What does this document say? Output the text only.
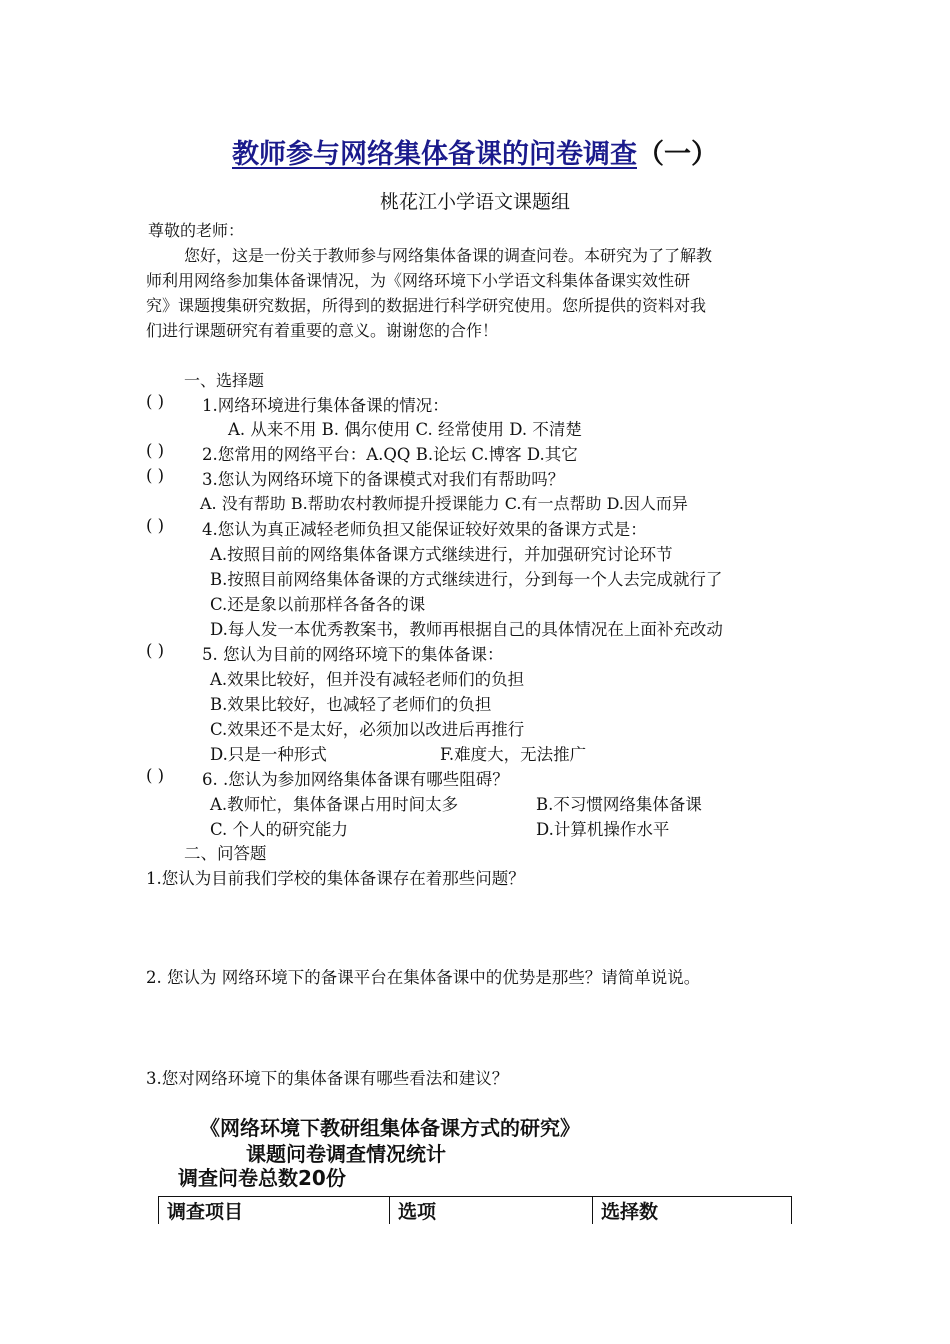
教师参与网络集体备课的问卷调查（一）
桃花江小学语文课题组
尊敬的老师：
您好，这是一份关于教师参与网络集体备课的调查问卷。本研究为了了解教
师利用网络参加集体备课情况，为《网络环境下小学语文科集体备课实效性研
究》课题搜集研究数据，所得到的数据进行科学研究使用。您所提供的资料对我
们进行课题研究有着重要的意义。谢谢您的合作！
一、选择题
( ) 1.网络环境进行集体备课的情况：
A. 从来不用 B. 偶尔使用 C. 经常使用 D. 不清楚
( ) 2.您常用的网络平台：A.QQ B.论坛 C.博客 D.其它
( ) 3.您认为网络环境下的备课模式对我们有帮助吗？
A. 没有帮助 B.帮助农村教师提升授课能力 C.有一点帮助 D.因人而异
( ) 4.您认为真正减轻老师负担又能保证较好效果的备课方式是：
A.按照目前的网络集体备课方式继续进行，并加强研究讨论环节
B.按照目前网络集体备课的方式继续进行，分到每一个人去完成就行了
C.还是象以前那样各备各的课
D.每人发一本优秀教案书，教师再根据自己的具体情况在上面补充改动
( ) 5. 您认为目前的网络环境下的集体备课：
A.效果比较好，但并没有减轻老师们的负担
B.效果比较好，也减轻了老师们的负担
C.效果还不是太好，必须加以改进后再推行
D.只是一种形式	F.难度大，无法推广
( ) 6. .您认为参加网络集体备课有哪些阻碍？
A.教师忙，集体备课占用时间太多	B.不习惯网络集体备课
C. 个人的研究能力	D.计算机操作水平
二、问答题
1.您认为目前我们学校的集体备课存在着那些问题？
2. 您认为 网络环境下的备课平台在集体备课中的优势是那些？请简单说说。
3.您对网络环境下的集体备课有哪些看法和建议？
《网络环境下教研组集体备课方式的研究》
课题问卷调查情况统计
调查问卷总数20份
调查项目	选项	选择数
